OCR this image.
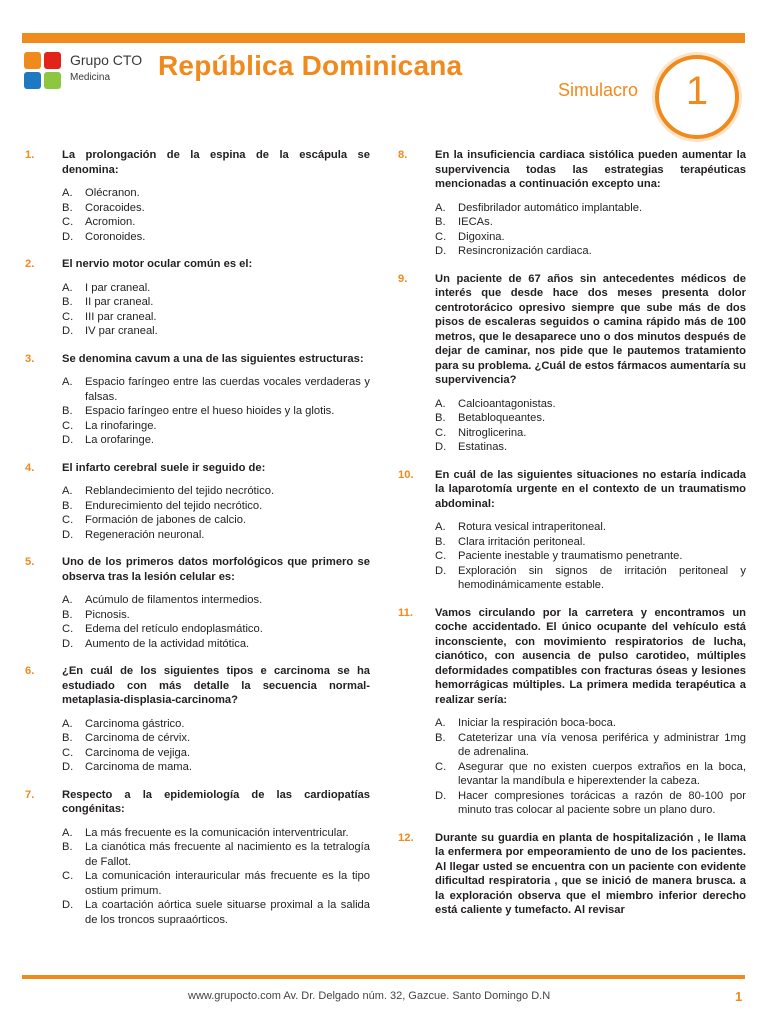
Grupo CTO
Medicina	República Dominicana
Simulacro	1
1. La prolongación de la espina de la escápula se denomina:
A. Olécranon.
B. Coracoides.
C. Acromion.
D. Coronoides.
2. El nervio motor ocular común es el:
A. I par craneal.
B. II par craneal.
C. III par craneal.
D. IV par craneal.
3. Se denomina cavum a una de las siguientes estructuras:
A. Espacio faríngeo entre las cuerdas vocales verdaderas y falsas.
B. Espacio faríngeo entre el hueso hioides y la glotis.
C. La rinofaringe.
D. La orofaringe.
4. El infarto cerebral suele ir seguido de:
A. Reblandecimiento del tejido necrótico.
B. Endurecimiento del tejido necrótico.
C. Formación de jabones de calcio.
D. Regeneración neuronal.
5. Uno de los primeros datos morfológicos que primero se observa tras la lesión celular es:
A. Acúmulo de filamentos intermedios.
B. Picnosis.
C. Edema del retículo endoplasmático.
D. Aumento de la actividad mitótica.
6. ¿En cuál de los siguientes tipos e carcinoma se ha estudiado con más detalle la secuencia normal-metaplasia-displasia-carcinoma?
A. Carcinoma gástrico.
B. Carcinoma de cérvix.
C. Carcinoma de vejiga.
D. Carcinoma de mama.
7. Respecto a la epidemiología de las cardiopatías congénitas:
A. La más frecuente es la comunicación interventricular.
B. La cianótica más frecuente al nacimiento es la tetralogía de Fallot.
C. La comunicación interauricular más frecuente es la tipo ostium primum.
D. La coartación aórtica suele situarse proximal a la salida de los troncos supraaórticos.
8. En la insuficiencia cardiaca sistólica pueden aumentar la supervivencia todas las estrategias terapéuticas mencionadas a continuación excepto una:
A. Desfibrilador automático implantable.
B. IECAs.
C. Digoxina.
D. Resincronización cardiaca.
9. Un paciente de 67 años sin antecedentes médicos de interés que desde hace dos meses presenta dolor centrotorácico opresivo siempre que sube más de dos pisos de escaleras seguidos o camina rápido más de 100 metros, que le desaparece uno o dos minutos después de dejar de caminar, nos pide que le pautemos tratamiento para su problema. ¿Cuál de estos fármacos aumentaría su supervivencia?
A. Calcioantagonistas.
B. Betabloqueantes.
C. Nitroglicerina.
D. Estatinas.
10. En cuál de las siguientes situaciones no estaría indicada la laparotomía urgente en el contexto de un traumatismo abdominal:
A. Rotura vesical intraperitoneal.
B. Clara irritación peritoneal.
C. Paciente inestable y traumatismo penetrante.
D. Exploración sin signos de irritación peritoneal y hemodinámicamente estable.
11. Vamos circulando por la carretera y encontramos un coche accidentado. El único ocupante del vehículo está inconsciente, con movimiento respiratorios de lucha, cianótico, con ausencia de pulso carotideo, múltiples deformidades compatibles con fracturas óseas y lesiones hemorrágicas múltiples. La primera medida terapéutica a realizar sería:
A. Iniciar la respiración boca-boca.
B. Cateterizar una vía venosa periférica y administrar 1mg de adrenalina.
C. Asegurar que no existen cuerpos extraños en la boca, levantar la mandíbula e hiperextender la cabeza.
D. Hacer compresiones torácicas a razón de 80-100 por minuto tras colocar al paciente sobre un plano duro.
12. Durante su guardia en planta de hospitalización , le llama la enfermera por empeoramiento de uno de los pacientes. Al llegar usted se encuentra con un paciente con evidente dificultad respiratoria , que se inició de manera brusca. a la exploración observa que el miembro inferior derecho está caliente y tumefacto. Al revisar
www.grupocto.com Av. Dr. Delgado núm. 32, Gazcue. Santo Domingo D.N	1
